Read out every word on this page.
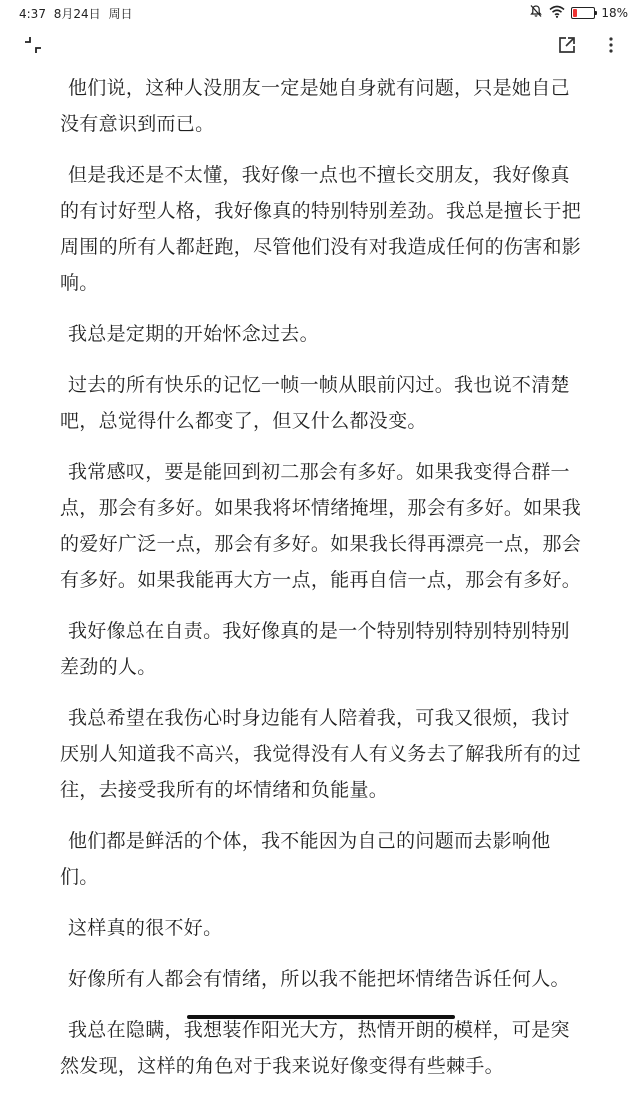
4:37 8月24日 周日	18%

他们说，这种人没朋友一定是她自身就有问题，只是她自己没有意识到而已。

但是我还是不太懂，我好像一点也不擅长交朋友，我好像真的有讨好型人格，我好像真的特别特别差劲。我总是擅长于把周围的所有人都赶跑，尽管他们没有对我造成任何的伤害和影响。

我总是定期的开始怀念过去。

过去的所有快乐的记忆一帧一帧从眼前闪过。我也说不清楚吧，总觉得什么都变了，但又什么都没变。

我常感叹，要是能回到初二那会有多好。如果我变得合群一点，那会有多好。如果我将坏情绪掩埋，那会有多好。如果我的爱好广泛一点，那会有多好。如果我长得再漂亮一点，那会有多好。如果我能再大方一点，能再自信一点，那会有多好。

我好像总在自责。我好像真的是一个特别特别特别特别特别差劲的人。

我总希望在我伤心时身边能有人陪着我，可我又很烦，我讨厌别人知道我不高兴，我觉得没有人有义务去了解我所有的过往，去接受我所有的坏情绪和负能量。

他们都是鲜活的个体，我不能因为自己的问题而去影响他们。

这样真的很不好。

好像所有人都会有情绪，所以我不能把坏情绪告诉任何人。

我总在隐瞒，我想装作阳光大方，热情开朗的模样，可是突然发现，这样的角色对于我来说好像变得有些棘手。
